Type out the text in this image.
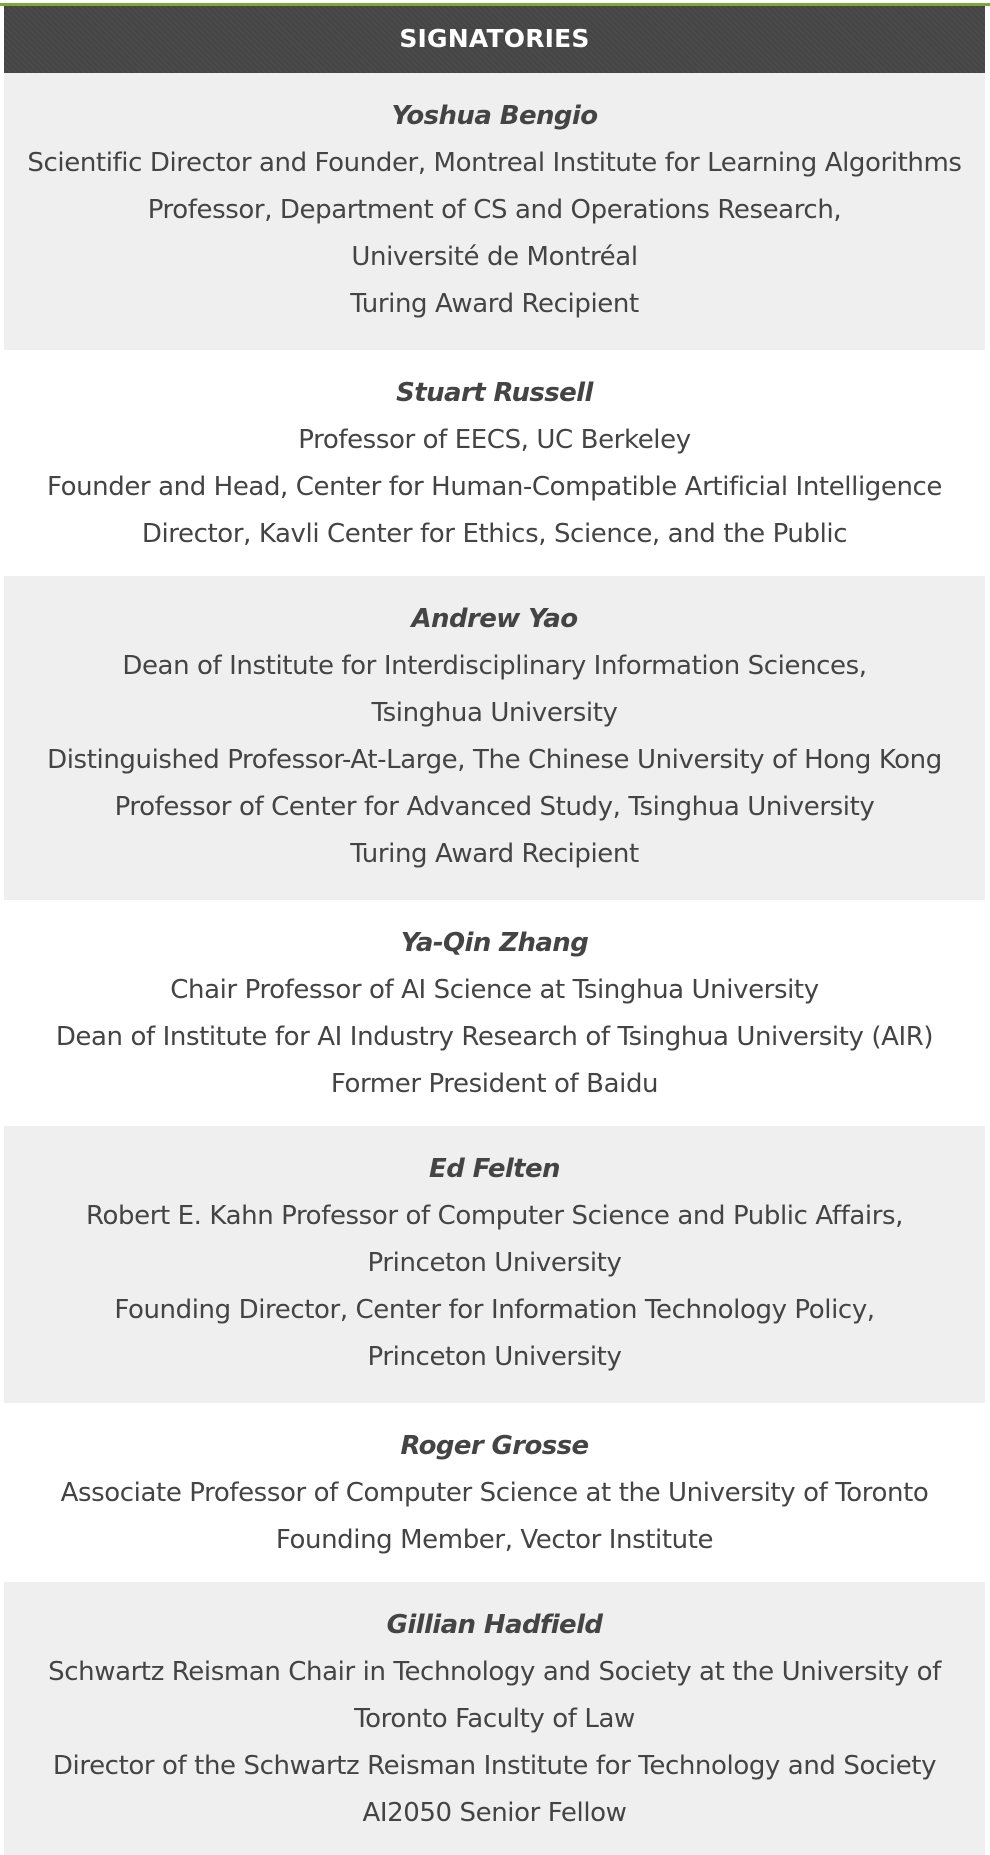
SIGNATORIES
Yoshua Bengio
Scientific Director and Founder, Montreal Institute for Learning Algorithms
Professor, Department of CS and Operations Research, Université de Montréal
Turing Award Recipient
Stuart Russell
Professor of EECS, UC Berkeley
Founder and Head, Center for Human-Compatible Artificial Intelligence
Director, Kavli Center for Ethics, Science, and the Public
Andrew Yao
Dean of Institute for Interdisciplinary Information Sciences, Tsinghua University
Distinguished Professor-At-Large, The Chinese University of Hong Kong
Professor of Center for Advanced Study, Tsinghua University
Turing Award Recipient
Ya-Qin Zhang
Chair Professor of AI Science at Tsinghua University
Dean of Institute for AI Industry Research of Tsinghua University (AIR)
Former President of Baidu
Ed Felten
Robert E. Kahn Professor of Computer Science and Public Affairs, Princeton University
Founding Director, Center for Information Technology Policy, Princeton University
Roger Grosse
Associate Professor of Computer Science at the University of Toronto
Founding Member, Vector Institute
Gillian Hadfield
Schwartz Reisman Chair in Technology and Society at the University of Toronto Faculty of Law
Director of the Schwartz Reisman Institute for Technology and Society
AI2050 Senior Fellow
